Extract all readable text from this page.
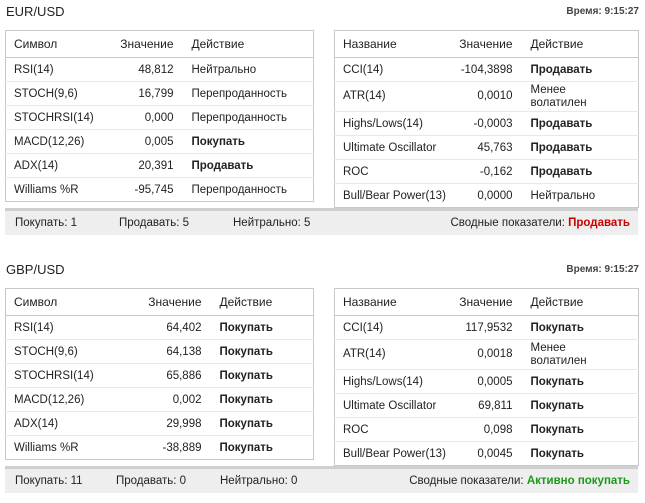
EUR/USD	Время: 9:15:27
Символ	Значение	Действие
RSI(14)	48,812	Нейтрально
STOCH(9,6)	16,799	Перепроданность
STOCHRSI(14)	0,000	Перепроданность
MACD(12,26)	0,005	Покупать
ADX(14)	20,391	Продавать
Williams %R	-95,745	Перепроданность
Название	Значение	Действие
CCI(14)	-104,3898	Продавать
ATR(14)	0,0010	Менее волатилен
Highs/Lows(14)	-0,0003	Продавать
Ultimate Oscillator	45,763	Продавать
ROC	-0,162	Продавать
Bull/Bear Power(13)	0,0000	Нейтрально
Покупать: 1	Продавать: 5	Нейтрально: 5	Сводные показатели: Продавать
GBP/USD	Время: 9:15:27
Символ	Значение	Действие
RSI(14)	64,402	Покупать
STOCH(9,6)	64,138	Покупать
STOCHRSI(14)	65,886	Покупать
MACD(12,26)	0,002	Покупать
ADX(14)	29,998	Покупать
Williams %R	-38,889	Покупать
Название	Значение	Действие
CCI(14)	117,9532	Покупать
ATR(14)	0,0018	Менее волатилен
Highs/Lows(14)	0,0005	Покупать
Ultimate Oscillator	69,811	Покупать
ROC	0,098	Покупать
Bull/Bear Power(13)	0,0045	Покупать
Покупать: 11	Продавать: 0	Нейтрально: 0	Сводные показатели: Активно покупать
